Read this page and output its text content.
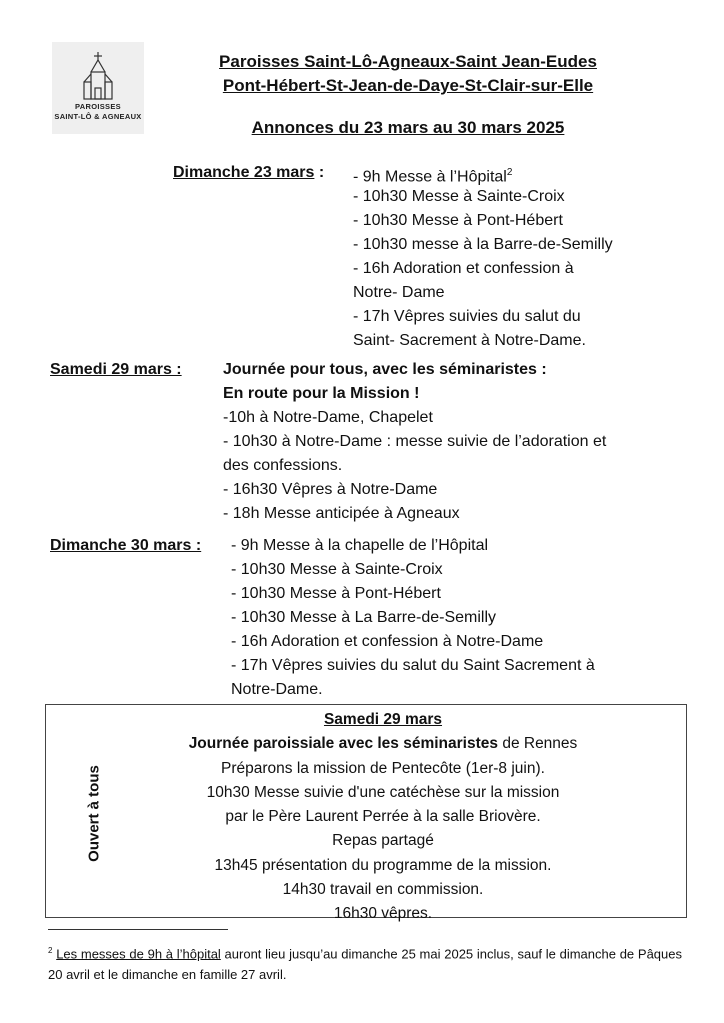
PAROISSES
SAINT-LÔ & AGNEAUX
Paroisses Saint-Lô-Agneaux-Saint Jean-Eudes
Pont-Hébert-St-Jean-de-Daye-St-Clair-sur-Elle
Annonces du 23 mars au 30 mars 2025
Dimanche 23 mars : - 9h Messe à l’Hôpital$^2$
- 10h30 Messe à Sainte-Croix
- 10h30 Messe à Pont-Hébert
- 10h30 messe à la Barre-de-Semilly
- 16h Adoration et confession à
Notre- Dame
- 17h Vêpres suivies du salut du
Saint- Sacrement à Notre-Dame.
Samedi 29 mars :	Journée pour tous, avec les séminaristes :
En route pour la Mission !
-10h à Notre-Dame, Chapelet
- 10h30 à Notre-Dame : messe suivie de l’adoration et
des confessions.
- 16h30 Vêpres à Notre-Dame
- 18h Messe anticipée à Agneaux
Dimanche 30 mars : - 9h Messe à la chapelle de l’Hôpital
- 10h30 Messe à Sainte-Croix
- 10h30 Messe à Pont-Hébert
- 10h30 Messe à La Barre-de-Semilly
- 16h Adoration et confession à Notre-Dame
- 17h Vêpres suivies du salut du Saint Sacrement à
Notre-Dame.
Ouvert à tous
Samedi 29 mars
Journée paroissiale avec les séminaristes de Rennes
Préparons la mission de Pentecôte (1er-8 juin).
10h30 Messe suivie d'une catéchèse sur la mission
par le Père Laurent Perrée à la salle Briovère.
Repas partagé
13h45 présentation du programme de la mission.
14h30 travail en commission.
16h30 vêpres.
$^2$ Les messes de 9h à l’hôpital auront lieu jusqu’au dimanche 25 mai 2025 inclus, sauf le dimanche de Pâques 20 avril et le dimanche en famille 27 avril.
